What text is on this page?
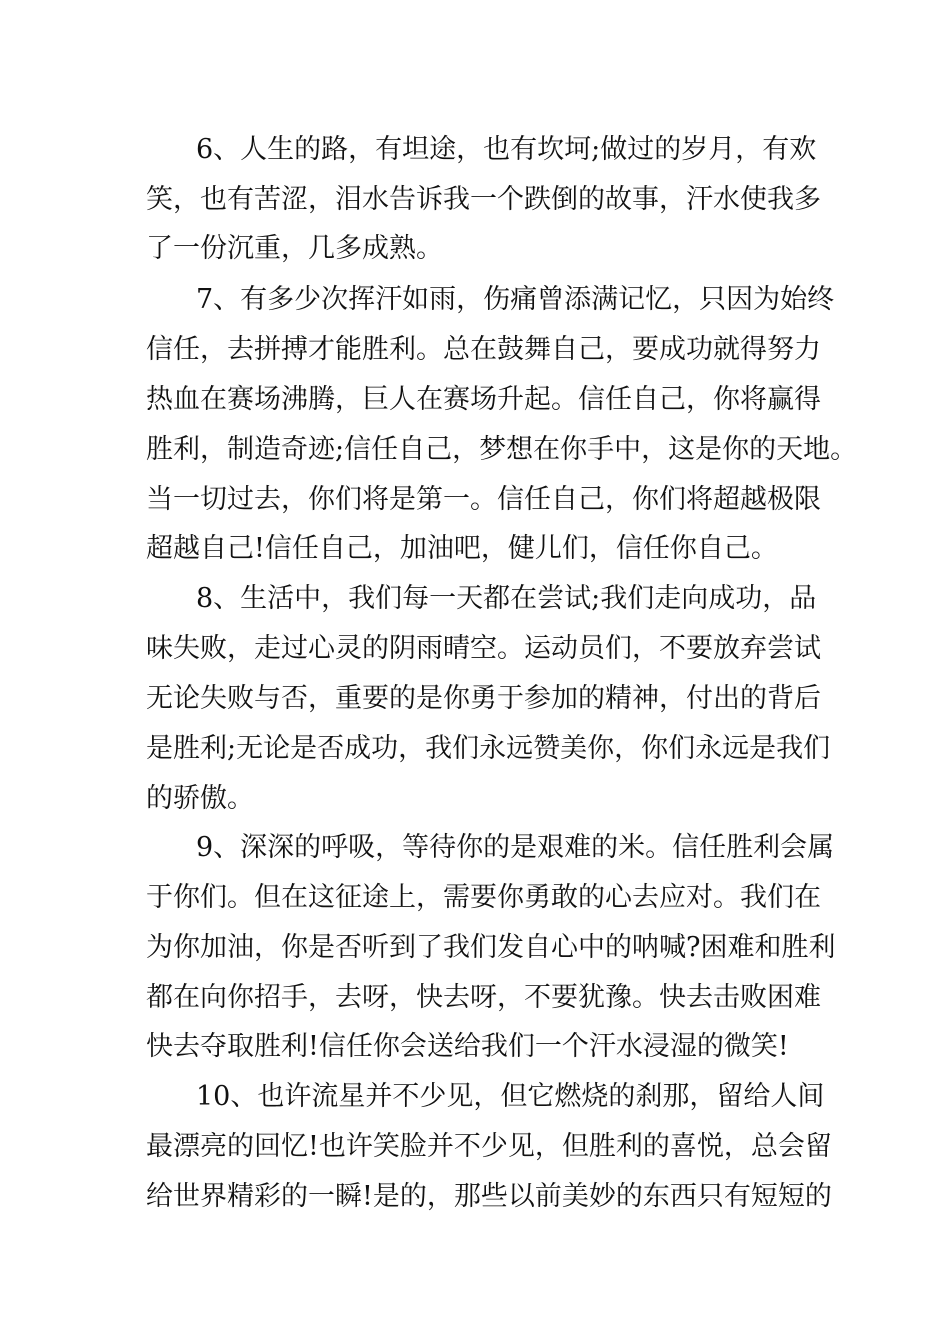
6、人生的路，有坦途，也有坎坷;做过的岁月，有欢
笑，也有苦涩，泪水告诉我一个跌倒的故事，汗水使我多
了一份沉重，几多成熟。
7、有多少次挥汗如雨，伤痛曾添满记忆，只因为始终
信任，去拼搏才能胜利。总在鼓舞自己，要成功就得努力
热血在赛场沸腾，巨人在赛场升起。信任自己，你将赢得
胜利，制造奇迹;信任自己，梦想在你手中，这是你的天地。
当一切过去，你们将是第一。信任自己，你们将超越极限
超越自己!信任自己，加油吧，健儿们，信任你自己。
8、生活中，我们每一天都在尝试;我们走向成功，品
味失败，走过心灵的阴雨晴空。运动员们，不要放弃尝试
无论失败与否，重要的是你勇于参加的精神，付出的背后
是胜利;无论是否成功，我们永远赞美你，你们永远是我们
的骄傲。
9、深深的呼吸，等待你的是艰难的米。信任胜利会属
于你们。但在这征途上，需要你勇敢的心去应对。我们在
为你加油，你是否听到了我们发自心中的呐喊?困难和胜利
都在向你招手，去呀，快去呀，不要犹豫。快去击败困难
快去夺取胜利!信任你会送给我们一个汗水浸湿的微笑!
10、也许流星并不少见，但它燃烧的刹那，留给人间
最漂亮的回忆!也许笑脸并不少见，但胜利的喜悦，总会留
给世界精彩的一瞬!是的，那些以前美妙的东西只有短短的
